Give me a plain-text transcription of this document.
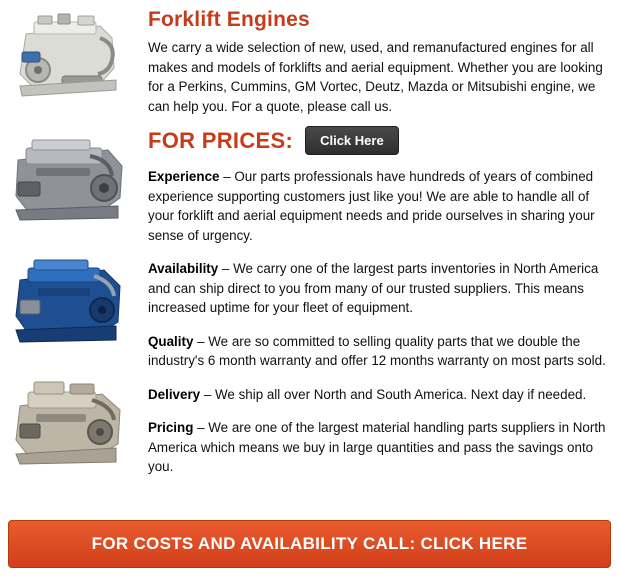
Forklift Engines

We carry a wide selection of new, used, and remanufactured engines for all makes and models of forklifts and aerial equipment. Whether you are looking for a Perkins, Cummins, GM Vortec, Deutz, Mazda or Mitsubishi engine, we can help you. For a quote, please call us.

FOR PRICES:	Click Here

Experience – Our parts professionals have hundreds of years of combined experience supporting customers just like you! We are able to handle all of your forklift and aerial equipment needs and pride ourselves in sharing your sense of urgency.

Availability – We carry one of the largest parts inventories in North America and can ship direct to you from many of our trusted suppliers. This means increased uptime for your fleet of equipment.

Quality – We are so committed to selling quality parts that we double the industry's 6 month warranty and offer 12 months warranty on most parts sold.

Delivery – We ship all over North and South America. Next day if needed.

Pricing – We are one of the largest material handling parts suppliers in North America which means we buy in large quantities and pass the savings onto you.

FOR COSTS AND AVAILABILITY CALL: CLICK HERE
